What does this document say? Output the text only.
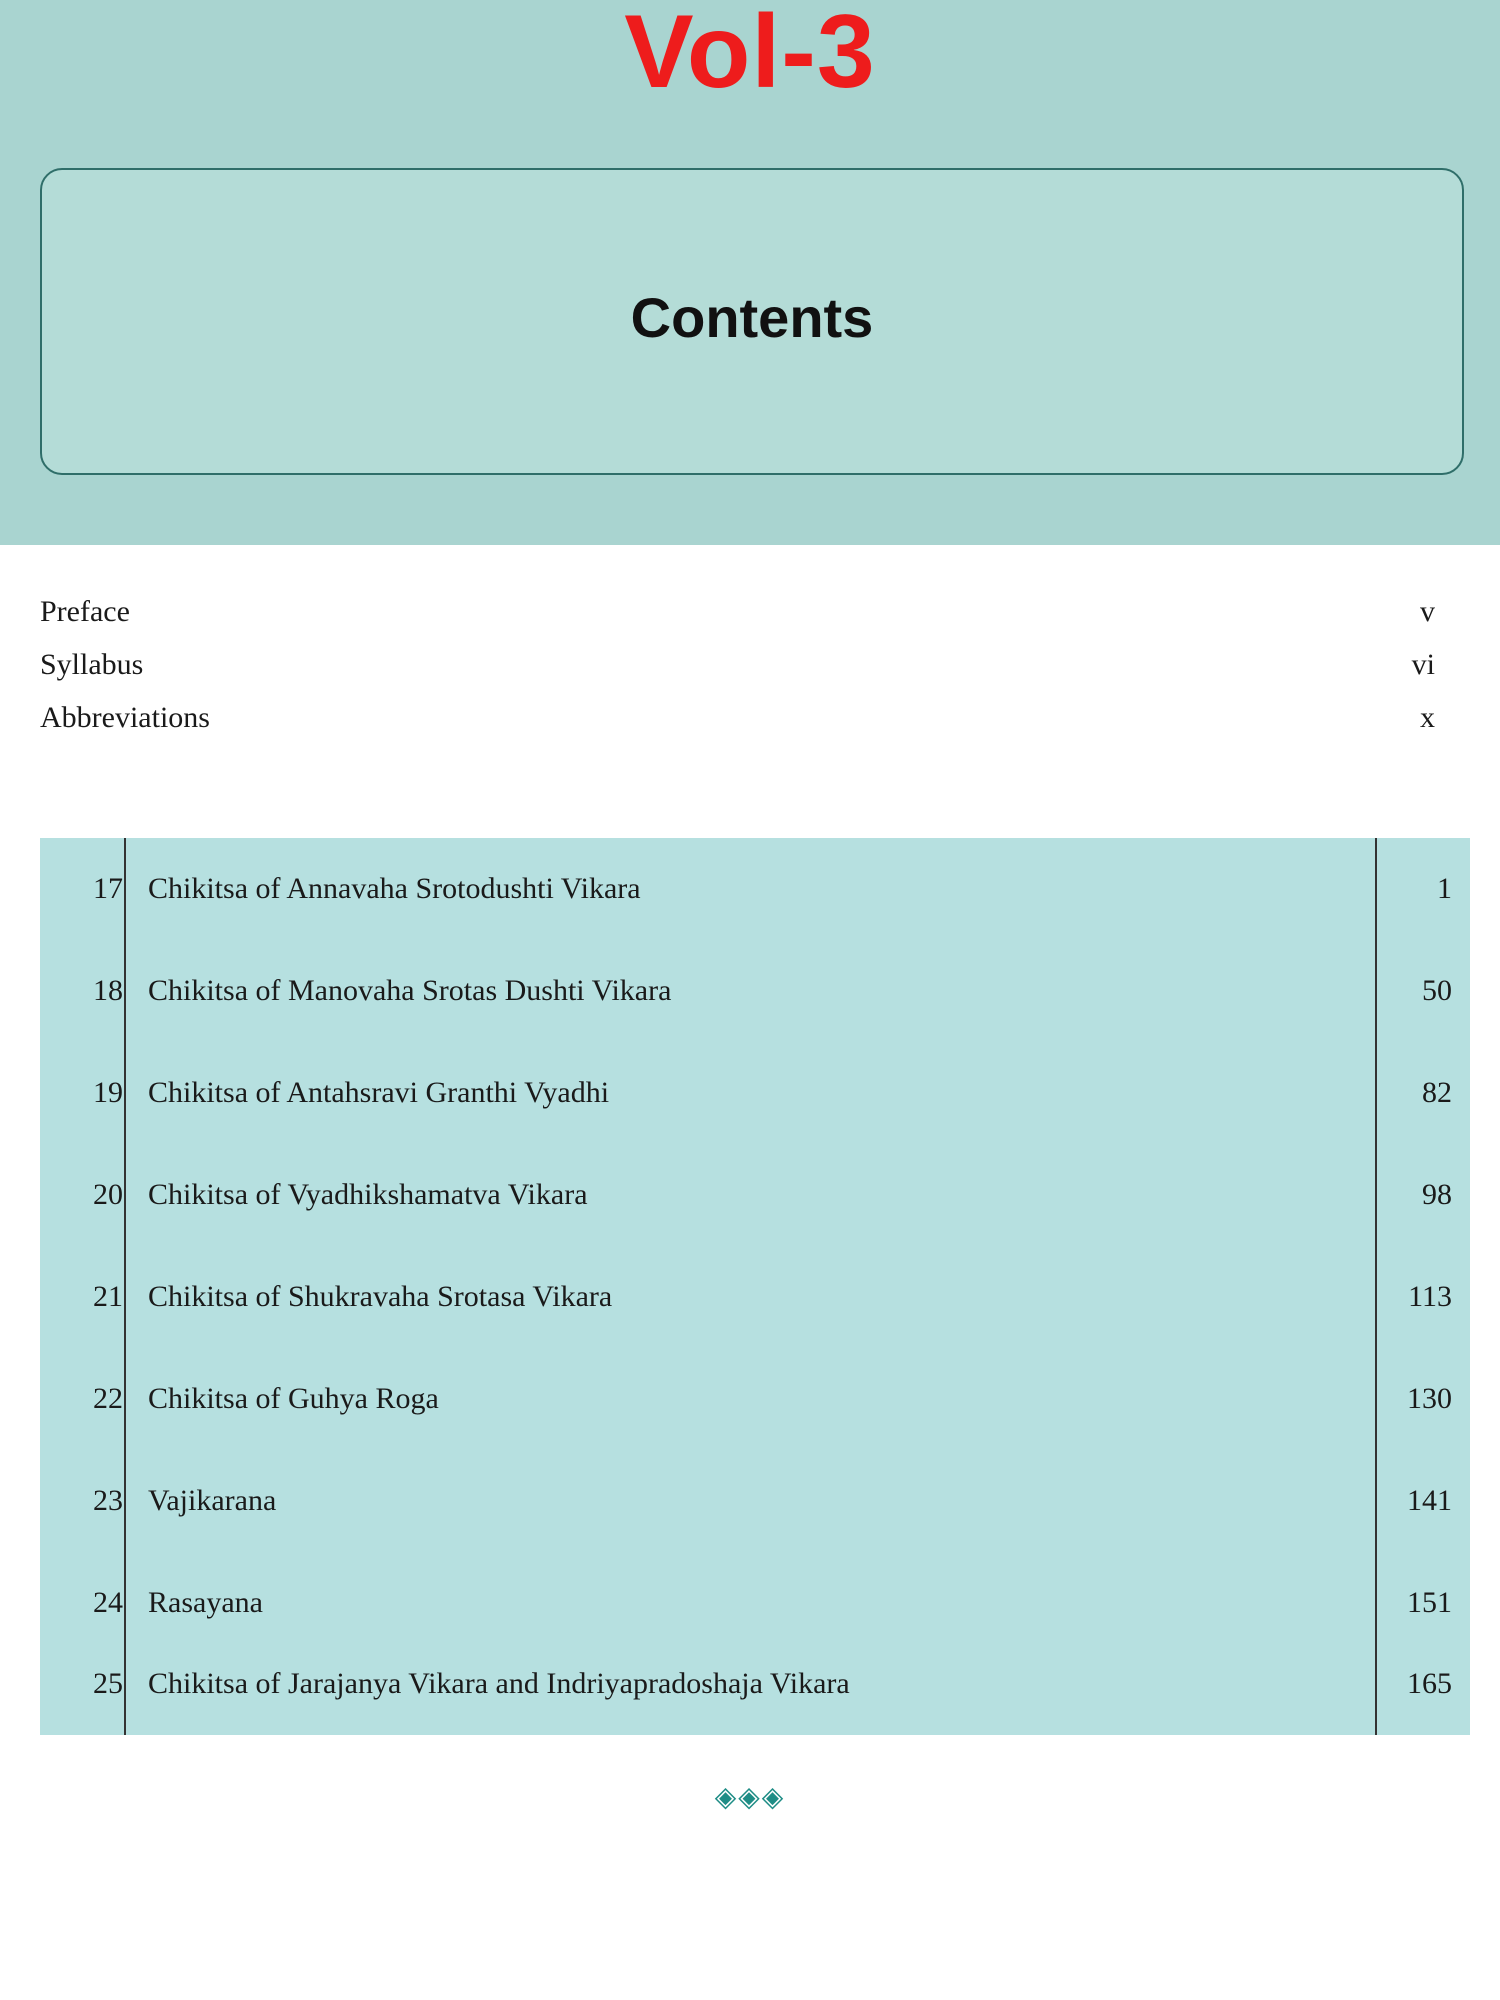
Vol-3
Contents
Preface	v
Syllabus	vi
Abbreviations	x
17 Chikitsa of Annavaha Srotodushti Vikara	1
18 Chikitsa of Manovaha Srotas Dushti Vikara	50
19 Chikitsa of Antahsravi Granthi Vyadhi	82
20 Chikitsa of Vyadhikshamatva Vikara	98
21 Chikitsa of Shukravaha Srotasa Vikara	113
22 Chikitsa of Guhya Roga	130
23 Vajikarana	141
24 Rasayana	151
25 Chikitsa of Jarajanya Vikara and Indriyapradoshaja Vikara	165
◈◈◈
